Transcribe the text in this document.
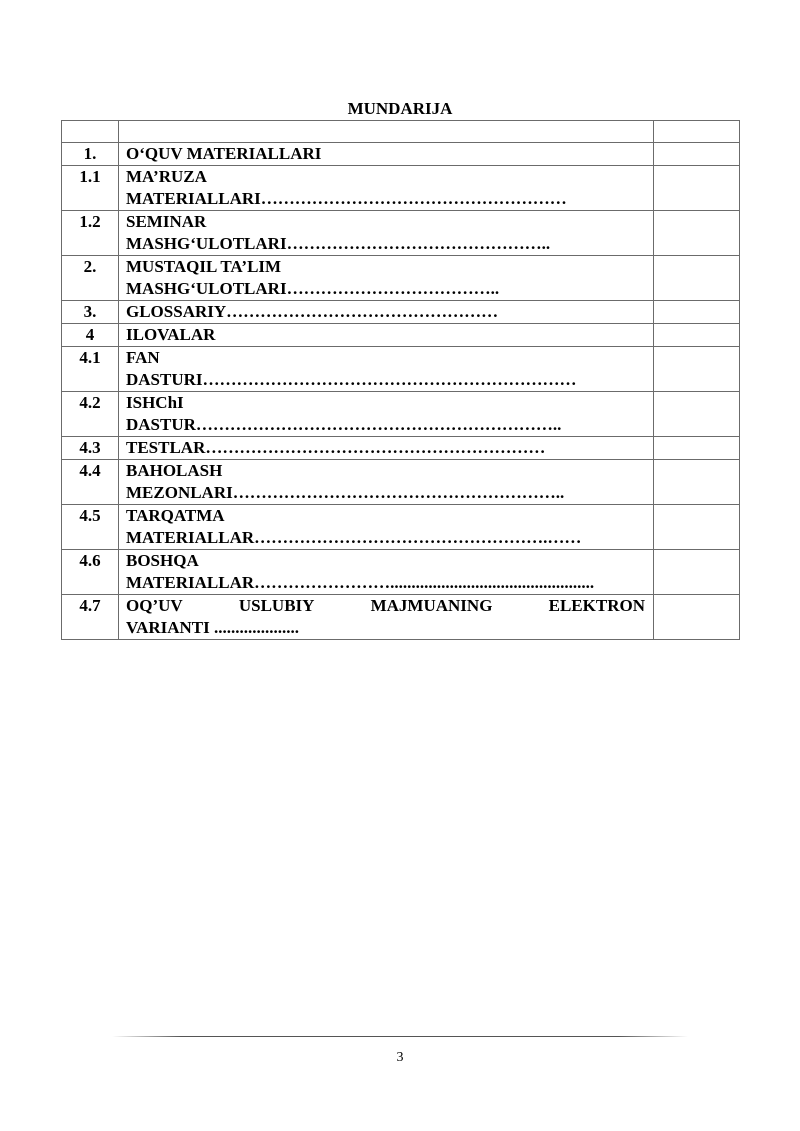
MUNDARIJA

1.	O‘QUV MATERIALLARI	

1.1	MA’RUZA
MATERIALLARI………………………………………………	

1.2	SEMINAR
MASHG‘ULOTLARI………………………………………..	

2.	MUSTAQIL TA’LIM
MASHG‘ULOTLARI………………………………..	

3.	GLOSSARIY…………………………………………	

4	ILOVALAR	

4.1	FAN
DASTURI…………………………………………………………	

4.2	ISHChI
DASTUR………………………………………………………..	

4.3	TESTLAR……………………………………………………	

4.4	BAHOLASH
MEZONLARI…………………………………………………..	

4.5	TARQATMA
MATERIALLAR…………………………………………….……	

4.6	BOSHQA
MATERIALLAR……………………................................................	

4.7	OQ’UV USLUBIY MAJMUANING ELEKTRON
VARIANTI ....................	

3
